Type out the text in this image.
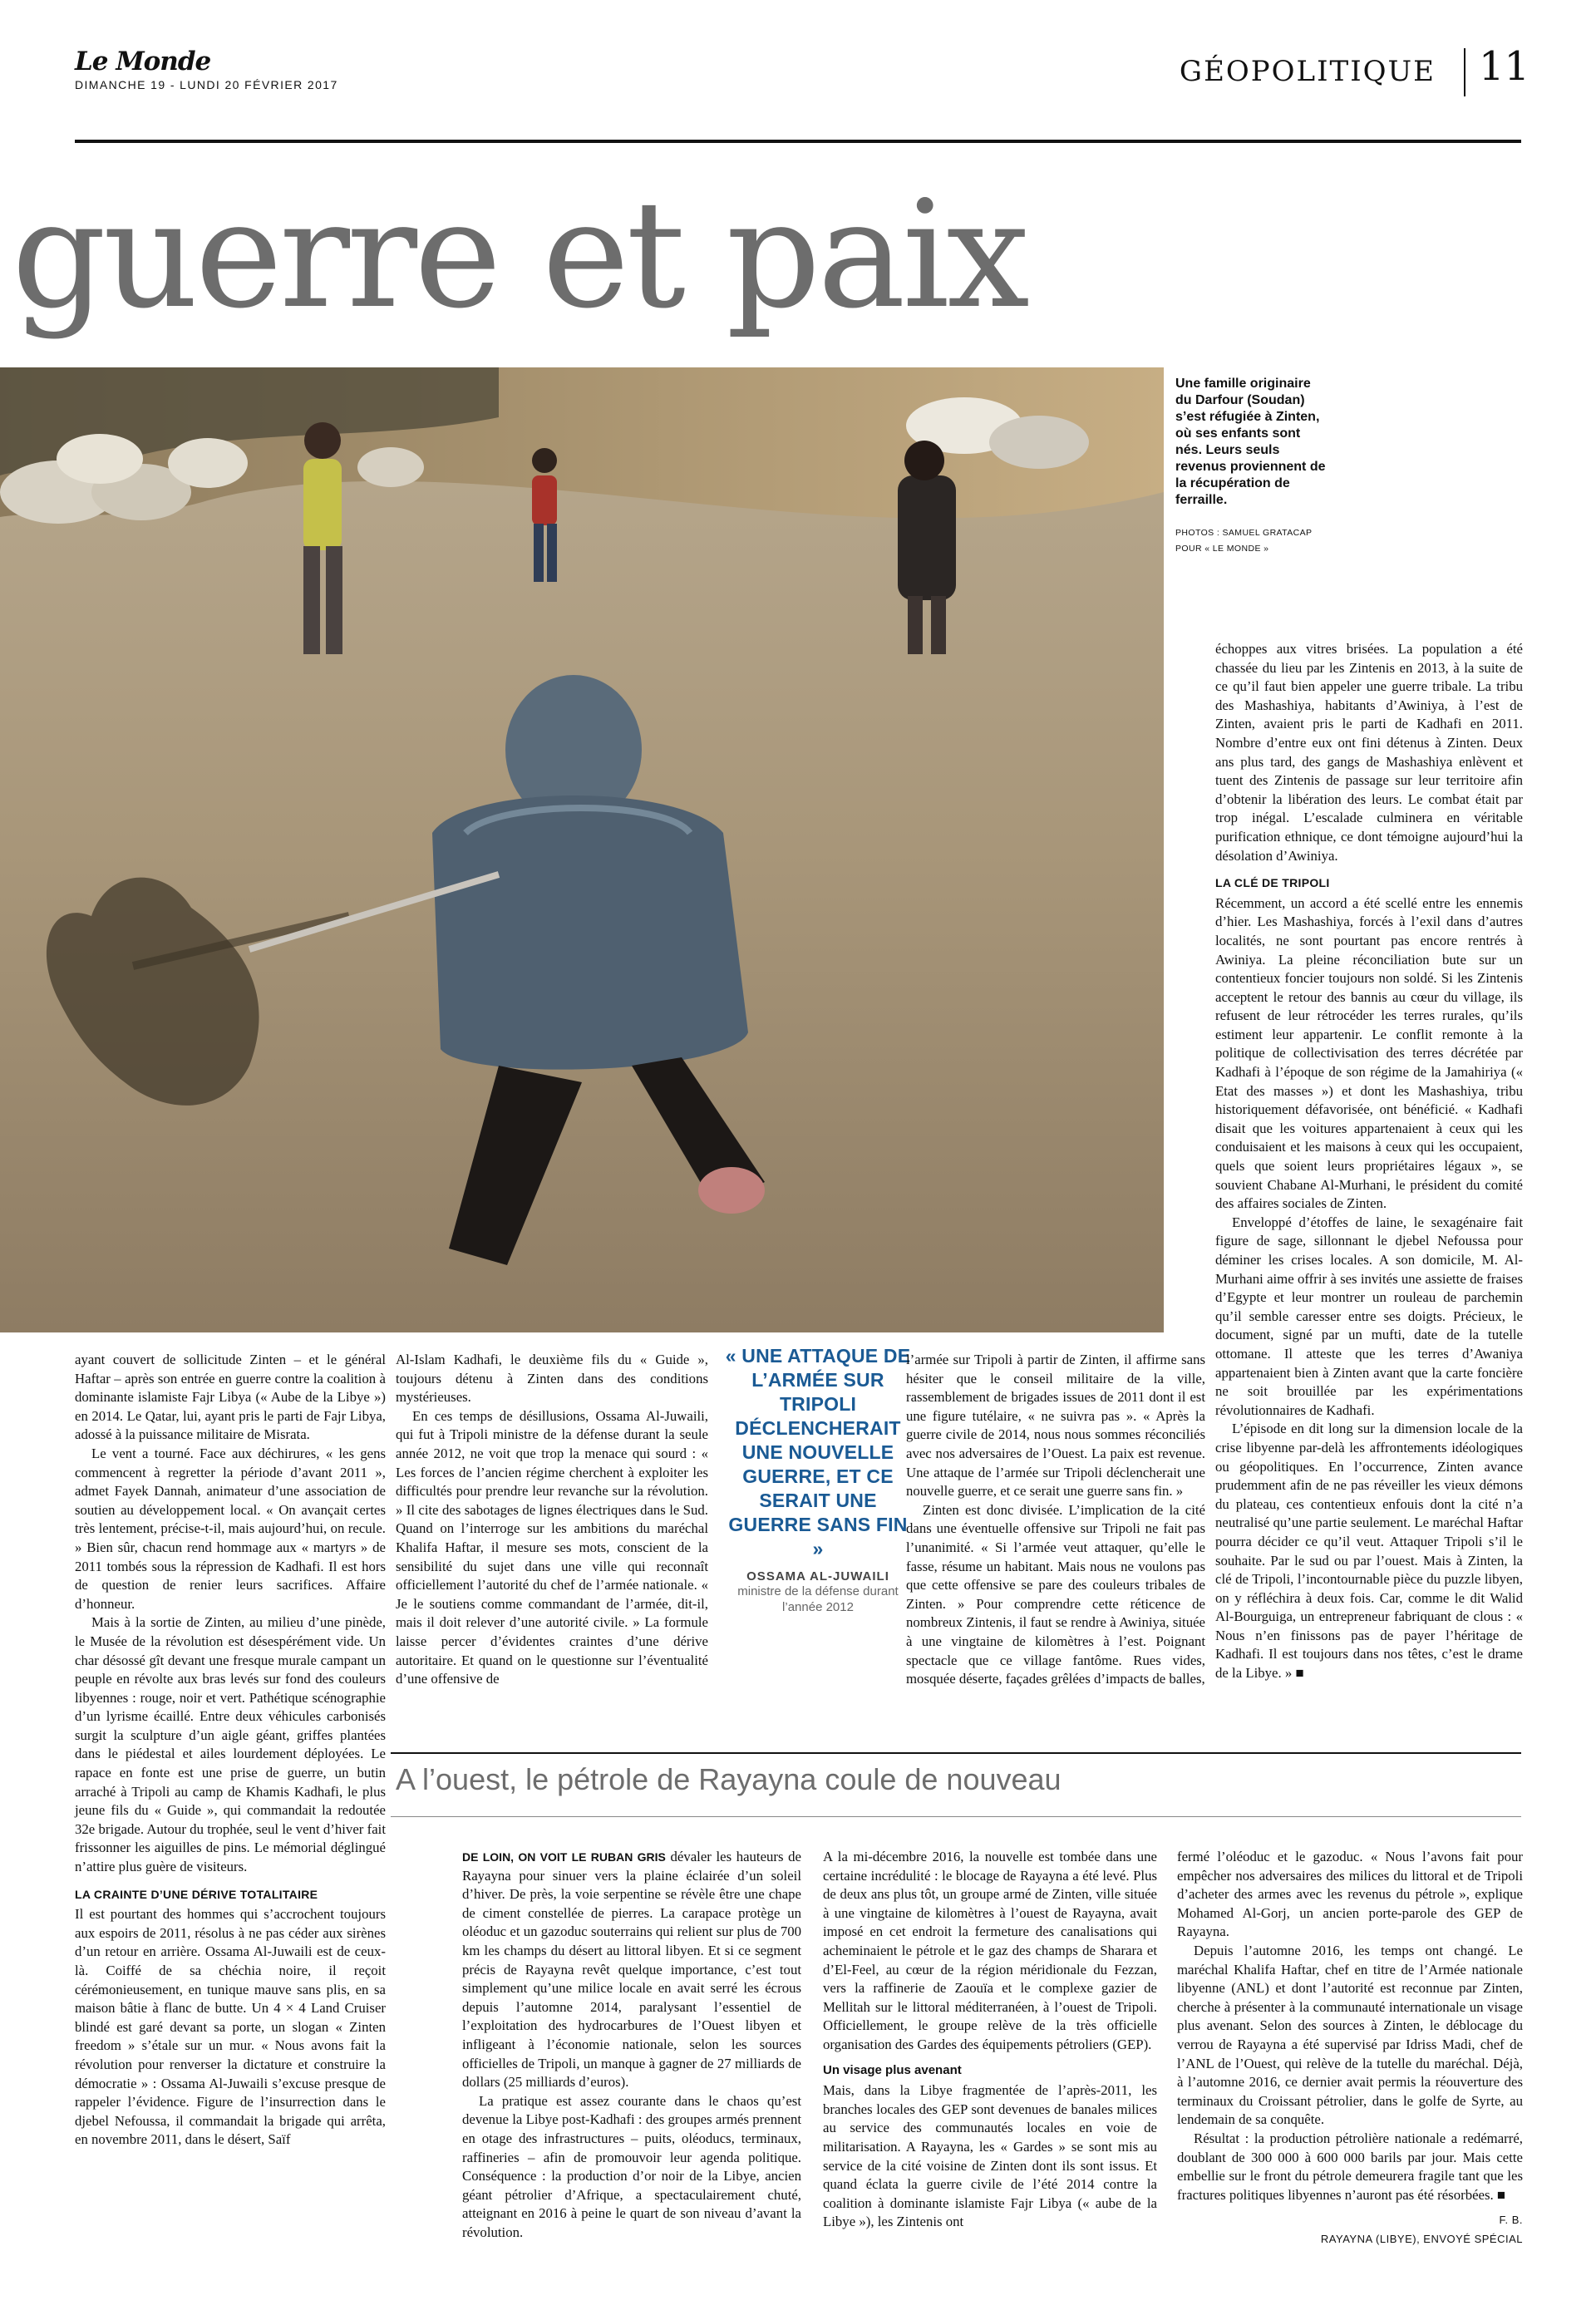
Le Monde
DIMANCHE 19 - LUNDI 20 FÉVRIER 2017	GÉOPOLITIQUE 11
guerre et paix
Une famille originaire du Darfour (Soudan) s’est réfugiée à Zinten, où ses enfants sont nés. Leurs seuls revenus proviennent de la récupération de ferraille.
PHOTOS : SAMUEL GRATACAP
POUR « LE MONDE »

échoppes aux vitres brisées. La population a été chassée du lieu par les Zintenis en 2013, à la suite de ce qu’il faut bien appeler une guerre tribale. La tribu des Mashashiya, habitants d’Awiniya, à l’est de Zinten, avaient pris le parti de Kadhafi en 2011. Nombre d’entre eux ont fini détenus à Zinten. Deux ans plus tard, des gangs de Mashashiya enlèvent et tuent des Zintenis de passage sur leur territoire afin d’obtenir la libération des leurs. Le combat était par trop inégal. L’escalade culminera en véritable purification ethnique, ce dont témoigne aujourd’hui la désolation d’Awiniya.

LA CLÉ DE TRIPOLI

Récemment, un accord a été scellé entre les ennemis d’hier. Les Mashashiya, forcés à l’exil dans d’autres localités, ne sont pourtant pas encore rentrés à Awiniya. La pleine réconciliation bute sur un contentieux foncier toujours non soldé. Si les Zintenis acceptent le retour des bannis au cœur du village, ils refusent de leur rétrocéder les terres rurales, qu’ils estiment leur appartenir. Le conflit remonte à la politique de collectivisation des terres décrétée par Kadhafi à l’époque de son régime de la Jamahiriya (« Etat des masses ») et dont les Mashashiya, tribu historiquement défavorisée, ont bénéficié. « Kadhafi disait que les voitures appartenaient à ceux qui les conduisaient et les maisons à ceux qui les occupaient, quels que soient leurs propriétaires légaux », se souvient Chabane Al-Murhani, le président du comité des affaires sociales de Zinten.

Enveloppé d’étoffes de laine, le sexagénaire fait figure de sage, sillonnant le djebel Nefoussa pour déminer les crises locales. A son domicile, M. Al-Murhani aime offrir à ses invités une assiette de fraises d’Egypte et leur montrer un rouleau de parchemin qu’il semble caresser entre ses doigts. Précieux, le document, signé par un mufti, date de la tutelle ottomane. Il atteste que les terres d’Awaniya appartenaient bien à Zinten avant que la carte foncière ne soit brouillée par les expérimentations révolutionnaires de Kadhafi.

L’épisode en dit long sur la dimension locale de la crise libyenne par-delà les affrontements idéologiques ou géopolitiques. En l’occurrence, Zinten avance prudemment afin de ne pas réveiller les vieux démons du plateau, ces contentieux enfouis dont la cité n’a neutralisé qu’une partie seulement. Le maréchal Haftar pourra décider ce qu’il veut. Attaquer Tripoli s’il le souhaite. Par le sud ou par l’ouest. Mais à Zinten, la clé de Tripoli, l’incontournable pièce du puzzle libyen, on y réfléchira à deux fois. Car, comme le dit Walid Al-Bourguiga, un entrepreneur fabriquant de clous : « Nous n’en finissons pas de payer l’héritage de Kadhafi. Il est toujours dans nos têtes, c’est le drame de la Libye. » ■

ayant couvert de sollicitude Zinten – et le général Haftar – après son entrée en guerre contre la coalition à dominante islamiste Fajr Libya (« Aube de la Libye ») en 2014. Le Qatar, lui, ayant pris le parti de Fajr Libya, adossé à la puissance militaire de Misrata.

Le vent a tourné. Face aux déchirures, « les gens commencent à regretter la période d’avant 2011 », admet Fayek Dannah, animateur d’une association de soutien au développement local. « On avançait certes très lentement, précise-t-il, mais aujourd’hui, on recule. » Bien sûr, chacun rend hommage aux « martyrs » de 2011 tombés sous la répression de Kadhafi. Il est hors de question de renier leurs sacrifices. Affaire d’honneur.

Mais à la sortie de Zinten, au milieu d’une pinède, le Musée de la révolution est désespérément vide. Un char désossé gît devant une fresque murale campant un peuple en révolte aux bras levés sur fond des couleurs libyennes : rouge, noir et vert. Pathétique scénographie d’un lyrisme écaillé. Entre deux véhicules carbonisés surgit la sculpture d’un aigle géant, griffes plantées dans le piédestal et ailes lourdement déployées. Le rapace en fonte est une prise de guerre, un butin arraché à Tripoli au camp de Khamis Kadhafi, le plus jeune fils du « Guide », qui commandait la redoutée 32e brigade. Autour du trophée, seul le vent d’hiver fait frissonner les aiguilles de pins. Le mémorial déglingué n’attire plus guère de visiteurs.

LA CRAINTE D’UNE DÉRIVE TOTALITAIRE

Il est pourtant des hommes qui s’accrochent toujours aux espoirs de 2011, résolus à ne pas céder aux sirènes d’un retour en arrière. Ossama Al-Juwaili est de ceux-là. Coiffé de sa chéchia noire, il reçoit cérémonieusement, en tunique mauve sans plis, en sa maison bâtie à flanc de butte. Un 4 × 4 Land Cruiser blindé est garé devant sa porte, un slogan « Zinten freedom » s’étale sur un mur. « Nous avons fait la révolution pour renverser la dictature et construire la démocratie » : Ossama Al-Juwaili s’excuse presque de rappeler l’évidence. Figure de l’insurrection dans le djebel Nefoussa, il commandait la brigade qui arrêta, en novembre 2011, dans le désert, Saïf

Al-Islam Kadhafi, le deuxième fils du « Guide », toujours détenu à Zinten dans des conditions mystérieuses.

En ces temps de désillusions, Ossama Al-Juwaili, qui fut à Tripoli ministre de la défense durant la seule année 2012, ne voit que trop la menace qui sourd : « Les forces de l’ancien régime cherchent à exploiter les difficultés pour prendre leur revanche sur la révolution. » Il cite des sabotages de lignes électriques dans le Sud. Quand on l’interroge sur les ambitions du maréchal Khalifa Haftar, il mesure ses mots, conscient de la sensibilité du sujet dans une ville qui reconnaît officiellement l’autorité du chef de l’armée nationale. « Je le soutiens comme commandant de l’armée, dit-il, mais il doit relever d’une autorité civile. » La formule laisse percer d’évidentes craintes d’une dérive autoritaire. Et quand on le questionne sur l’éventualité d’une offensive de

« UNE ATTAQUE DE L’ARMÉE SUR TRIPOLI DÉCLENCHERAIT UNE NOUVELLE GUERRE, ET CE SERAIT UNE GUERRE SANS FIN »
OSSAMA AL-JUWAILI
ministre de la défense durant l’année 2012

l’armée sur Tripoli à partir de Zinten, il affirme sans hésiter que le conseil militaire de la ville, rassemblement de brigades issues de 2011 dont il est une figure tutélaire, « ne suivra pas ». « Après la guerre civile de 2014, nous nous sommes réconciliés avec nos adversaires de l’Ouest. La paix est revenue. Une attaque de l’armée sur Tripoli déclencherait une nouvelle guerre, et ce serait une guerre sans fin. »

Zinten est donc divisée. L’implication de la cité dans une éventuelle offensive sur Tripoli ne fait pas l’unanimité. « Si l’armée veut attaquer, qu’elle le fasse, résume un habitant. Mais nous ne voulons pas que cette offensive se pare des couleurs tribales de Zinten. » Pour comprendre cette réticence de nombreux Zintenis, il faut se rendre à Awiniya, située à une vingtaine de kilomètres à l’est. Poignant spectacle que ce village fantôme. Rues vides, mosquée déserte, façades grêlées d’impacts de balles,

A l’ouest, le pétrole de Rayayna coule de nouveau

DE LOIN, ON VOIT LE RUBAN GRIS dévaler les hauteurs de Rayayna pour sinuer vers la plaine éclairée d’un soleil d’hiver. De près, la voie serpentine se révèle être une chape de ciment constellée de pierres. La carapace protège un oléoduc et un gazoduc souterrains qui relient sur plus de 700 km les champs du désert au littoral libyen. Et si ce segment précis de Rayayna revêt quelque importance, c’est tout simplement qu’une milice locale en avait serré les écrous depuis l’automne 2014, paralysant l’essentiel de l’exploitation des hydrocarbures de l’Ouest libyen et infligeant à l’économie nationale, selon les sources officielles de Tripoli, un manque à gagner de 27 milliards de dollars (25 milliards d’euros).

La pratique est assez courante dans le chaos qu’est devenue la Libye post-Kadhafi : des groupes armés prennent en otage des infrastructures – puits, oléoducs, terminaux, raffineries – afin de promouvoir leur agenda politique. Conséquence : la production d’or noir de la Libye, ancien géant pétrolier d’Afrique, a spectaculairement chuté, atteignant en 2016 à peine le quart de son niveau d’avant la révolution.

A la mi-décembre 2016, la nouvelle est tombée dans une certaine incrédulité : le blocage de Rayayna a été levé. Plus de deux ans plus tôt, un groupe armé de Zinten, ville située à une vingtaine de kilomètres à l’ouest de Rayayna, avait imposé en cet endroit la fermeture des canalisations qui acheminaient le pétrole et le gaz des champs de Sharara et d’El-Feel, au cœur de la région méridionale du Fezzan, vers la raffinerie de Zaouïa et le complexe gazier de Mellitah sur le littoral méditerranéen, à l’ouest de Tripoli. Officiellement, le groupe relève de la très officielle organisation des Gardes des équipements pétroliers (GEP).

Un visage plus avenant

Mais, dans la Libye fragmentée de l’après-2011, les branches locales des GEP sont devenues de banales milices au service des communautés locales en voie de militarisation. A Rayayna, les « Gardes » se sont mis au service de la cité voisine de Zinten dont ils sont issus. Et quand éclata la guerre civile de l’été 2014 contre la coalition à dominante islamiste Fajr Libya (« aube de la Libye »), les Zintenis ont

fermé l’oléoduc et le gazoduc. « Nous l’avons fait pour empêcher nos adversaires des milices du littoral et de Tripoli d’acheter des armes avec les revenus du pétrole », explique Mohamed Al-Gorj, un ancien porte-parole des GEP de Rayayna.

Depuis l’automne 2016, les temps ont changé. Le maréchal Khalifa Haftar, chef en titre de l’Armée nationale libyenne (ANL) et dont l’autorité est reconnue par Zinten, cherche à présenter à la communauté internationale un visage plus avenant. Selon des sources à Zinten, le déblocage du verrou de Rayayna a été supervisé par Idriss Madi, chef de l’ANL de l’Ouest, qui relève de la tutelle du maréchal. Déjà, à l’automne 2016, ce dernier avait permis la réouverture des terminaux du Croissant pétrolier, dans le golfe de Syrte, au lendemain de sa conquête.

Résultat : la production pétrolière nationale a redémarré, doublant de 300 000 à 600 000 barils par jour. Mais cette embellie sur le front du pétrole demeurera fragile tant que les fractures politiques libyennes n’auront pas été résorbées. ■

F. B.

RAYAYNA (LIBYE), ENVOYÉ SPÉCIAL
